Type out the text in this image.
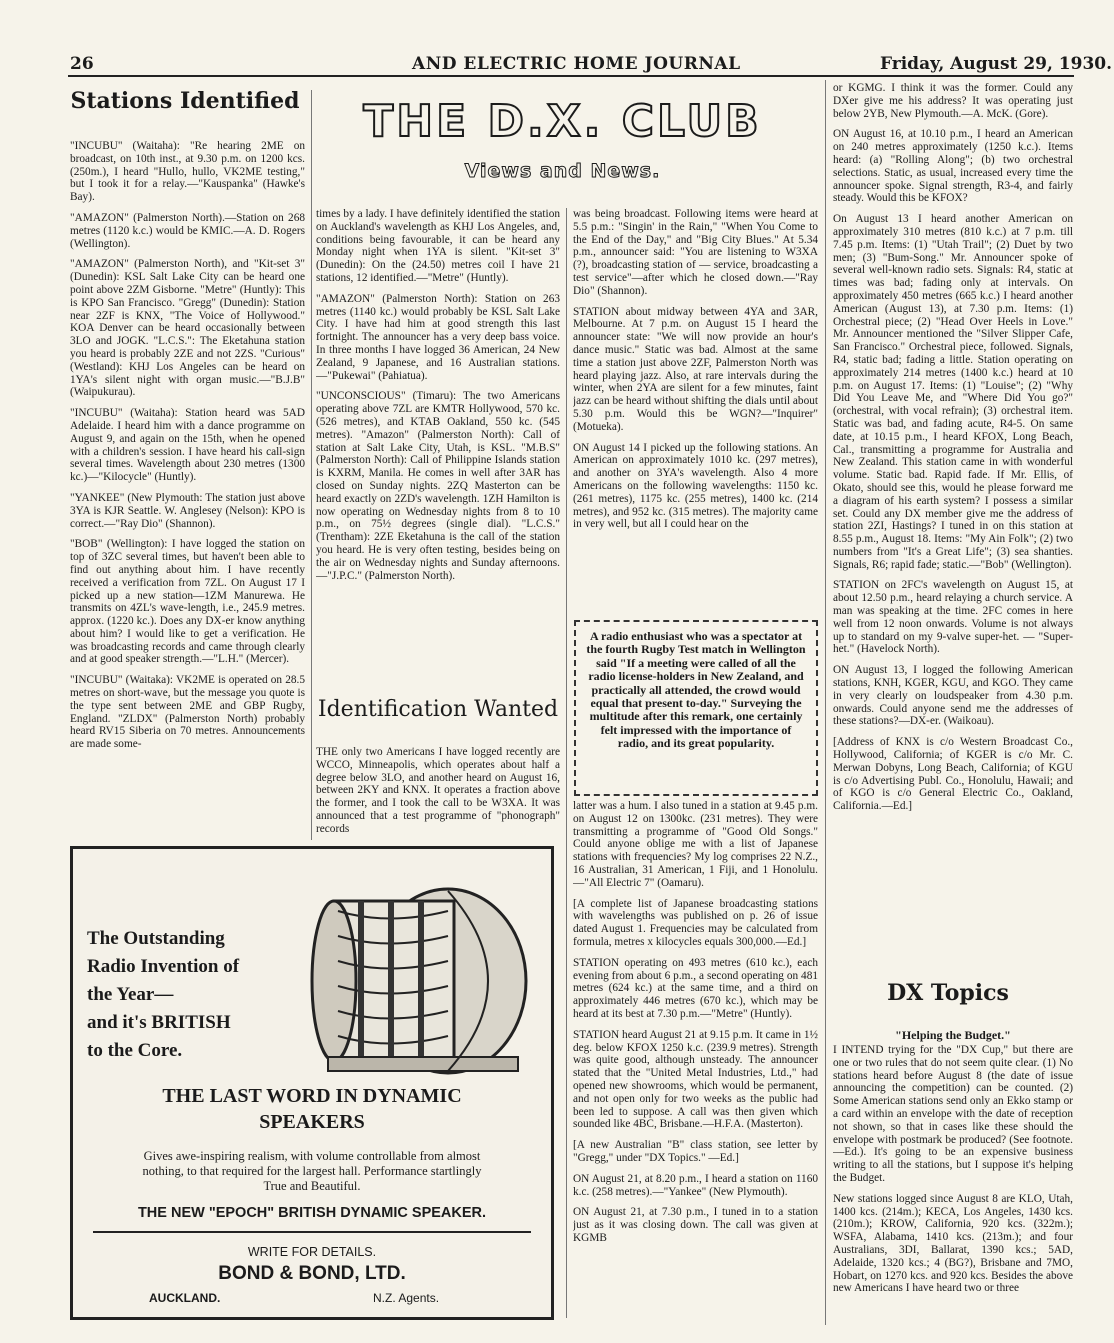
26	AND ELECTRIC HOME JOURNAL	Friday, August 29, 1930.
THE D.X. CLUB
Views and News.
Stations Identified

"INCUBU" (Waitaha): "Re hearing 2ME on broadcast, on 10th inst., at 9.30 p.m. on 1200 kcs. (250m.), I heard "Hullo, hullo, VK2ME testing," but I took it for a relay.—"Kauspanka" (Hawke's Bay).

"AMAZON" (Palmerston North).—Station on 268 metres (1120 k.c.) would be KMIC.—A. D. Rogers (Wellington).

"AMAZON" (Palmerston North), and "Kit-set 3" (Dunedin): KSL Salt Lake City can be heard one point above 2ZM Gisborne. "Metre" (Huntly): This is KPO San Francisco. "Gregg" (Dunedin): Station near 2ZF is KNX, "The Voice of Hollywood." KOA Denver can be heard occasionally between 3LO and JOGK. "L.C.S.": The Eketahuna station you heard is probably 2ZE and not 2ZS. "Curious" (Westland): KHJ Los Angeles can be heard on 1YA's silent night with organ music.—"B.J.B" (Waipukurau).

"INCUBU" (Waitaha): Station heard was 5AD Adelaide. I heard him with a dance programme on August 9, and again on the 15th, when he opened with a children's session. I have heard his call-sign several times. Wavelength about 230 metres (1300 kc.)—"Kilocycle" (Huntly).

"YANKEE" (New Plymouth: The station just above 3YA is KJR Seattle. W. Anglesey (Nelson): KPO is correct.—"Ray Dio" (Shannon).

"BOB" (Wellington): I have logged the station on top of 3ZC several times, but haven't been able to find out anything about him. I have recently received a verification from 7ZL. On August 17 I picked up a new station—1ZM Manurewa. He transmits on 4ZL's wave-length, i.e., 245.9 metres. approx. (1220 kc.). Does any DX-er know anything about him? I would like to get a verification. He was broadcasting records and came through clearly and at good speaker strength.—"L.H." (Mercer).

"INCUBU" (Waitaka): VK2ME is operated on 28.5 metres on short-wave, but the message you quote is the type sent between 2ME and GBP Rugby, England. "ZLDX" (Palmerston North) probably heard RV15 Siberia on 70 metres. Announcements are made some-

times by a lady. I have definitely identified the station on Auckland's wavelength as KHJ Los Angeles, and, conditions being favourable, it can be heard any Monday night when 1YA is silent. "Kit-set 3" (Dunedin): On the (24.50) metres coil I have 21 stations, 12 identified.—"Metre" (Huntly).

"AMAZON" (Palmerston North): Station on 263 metres (1140 kc.) would probably be KSL Salt Lake City. I have had him at good strength this last fortnight. The announcer has a very deep bass voice. In three months I have logged 36 American, 24 New Zealand, 9 Japanese, and 16 Australian stations.—"Pukewai" (Pahiatua).

"UNCONSCIOUS" (Timaru): The two Americans operating above 7ZL are KMTR Hollywood, 570 kc. (526 metres), and KTAB Oakland, 550 kc. (545 metres). "Amazon" (Palmerston North): Call of station at Salt Lake City, Utah, is KSL. "M.B.S" (Palmerston North): Call of Philippine Islands station is KXRM, Manila. He comes in well after 3AR has closed on Sunday nights. 2ZQ Masterton can be heard exactly on 2ZD's wavelength. 1ZH Hamilton is now operating on Wednesday nights from 8 to 10 p.m., on 75½ degrees (single dial). "L.C.S." (Trentham): 2ZE Eketahuna is the call of the station you heard. He is very often testing, besides being on the air on Wednesday nights and Sunday afternoons.—"J.P.C." (Palmerston North).

Identification Wanted

THE only two Americans I have logged recently are WCCO, Minneapolis, which operates about half a degree below 3LO, and another heard on August 16, between 2KY and KNX. It operates a fraction above the former, and I took the call to be W3XA. It was announced that a test programme of "phonograph" records

was being broadcast. Following items were heard at 5.5 p.m.: "Singin' in the Rain," "When You Come to the End of the Day," and "Big City Blues." At 5.34 p.m., announcer said: "You are listening to W3XA (?), broadcasting station of — service, broadcasting a test service"—after which he closed down.—"Ray Dio" (Shannon).

STATION about midway between 4YA and 3AR, Melbourne. At 7 p.m. on August 15 I heard the announcer state: "We will now provide an hour's dance music." Static was bad. Almost at the same time a station just above 2ZF, Palmerston North was heard playing jazz. Also, at rare intervals during the winter, when 2YA are silent for a few minutes, faint jazz can be heard without shifting the dials until about 5.30 p.m. Would this be WGN?—"Inquirer" (Motueka).

ON August 14 I picked up the following stations. An American on approximately 1010 kc. (297 metres), and another on 3YA's wavelength. Also 4 more Americans on the following wavelengths: 1150 kc. (261 metres), 1175 kc. (255 metres), 1400 kc. (214 metres), and 952 kc. (315 metres). The majority came in very well, but all I could hear on the

A radio enthusiast who was a spectator at the fourth Rugby Test match in Wellington said "If a meeting were called of all the radio license-holders in New Zealand, and practically all attended, the crowd would equal that present to-day." Surveying the multitude after this remark, one certainly felt impressed with the importance of radio, and its great popularity.

latter was a hum. I also tuned in a station at 9.45 p.m. on August 12 on 1300kc. (231 metres). They were transmitting a programme of "Good Old Songs." Could anyone oblige me with a list of Japanese stations with frequencies? My log comprises 22 N.Z., 16 Australian, 31 American, 1 Fiji, and 1 Honolulu.—"All Electric 7" (Oamaru).

[A complete list of Japanese broadcasting stations with wavelengths was published on p. 26 of issue dated August 1. Frequencies may be calculated from formula, metres x kilocycles equals 300,000.—Ed.]

STATION operating on 493 metres (610 kc.), each evening from about 6 p.m., a second operating on 481 metres (624 kc.) at the same time, and a third on approximately 446 metres (670 kc.), which may be heard at its best at 7.30 p.m.—"Metre" (Huntly).

STATION heard August 21 at 9.15 p.m. It came in 1½ deg. below KFOX 1250 k.c. (239.9 metres). Strength was quite good, although unsteady. The announcer stated that the "United Metal Industries, Ltd.," had opened new showrooms, which would be permanent, and not open only for two weeks as the public had been led to suppose. A call was then given which sounded like 4BC, Brisbane.—H.F.A. (Masterton).

[A new Australian "B" class station, see letter by "Gregg," under "DX Topics." —Ed.]

ON August 21, at 8.20 p.m., I heard a station on 1160 k.c. (258 metres).—"Yankee" (New Plymouth).

ON August 21, at 7.30 p.m., I tuned in to a station just as it was closing down. The call was given at KGMB

or KGMG. I think it was the former. Could any DXer give me his address? It was operating just below 2YB, New Plymouth.—A. McK. (Gore).

ON August 16, at 10.10 p.m., I heard an American on 240 metres approximately (1250 k.c.). Items heard: (a) "Rolling Along"; (b) two orchestral selections. Static, as usual, increased every time the announcer spoke. Signal strength, R3-4, and fairly steady. Would this be KFOX?

On August 13 I heard another American on approximately 310 metres (810 k.c.) at 7 p.m. till 7.45 p.m. Items: (1) "Utah Trail"; (2) Duet by two men; (3) "Bum-Song." Mr. Announcer spoke of several well-known radio sets. Signals: R4, static at times was bad; fading only at intervals. On approximately 450 metres (665 k.c.) I heard another American (August 13), at 7.30 p.m. Items: (1) Orchestral piece; (2) "Head Over Heels in Love." Mr. Announcer mentioned the "Silver Slipper Cafe, San Francisco." Orchestral piece, followed. Signals, R4, static bad; fading a little. Station operating on approximately 214 metres (1400 k.c.) heard at 10 p.m. on August 17. Items: (1) "Louise"; (2) "Why Did You Leave Me, and "Where Did You go?" (orchestral, with vocal refrain); (3) orchestral item. Static was bad, and fading acute, R4-5. On same date, at 10.15 p.m., I heard KFOX, Long Beach, Cal., transmitting a programme for Australia and New Zealand. This station came in with wonderful volume. Static bad. Rapid fade. If Mr. Ellis, of Okato, should see this, would he please forward me a diagram of his earth system? I possess a similar set. Could any DX member give me the address of station 2ZI, Hastings? I tuned in on this station at 8.55 p.m., August 18. Items: "My Ain Folk"; (2) two numbers from "It's a Great Life"; (3) sea shanties. Signals, R6; rapid fade; static.—"Bob" (Wellington).

STATION on 2FC's wavelength on August 15, at about 12.50 p.m., heard relaying a church service. A man was speaking at the time. 2FC comes in here well from 12 noon onwards. Volume is not always up to standard on my 9-valve super-het. — "Super-het." (Havelock North).

ON August 13, I logged the following American stations, KNH, KGER, KGU, and KGO. They came in very clearly on loudspeaker from 4.30 p.m. onwards. Could anyone send me the addresses of these stations?—DX-er. (Waikoau).

[Address of KNX is c/o Western Broadcast Co., Hollywood, California; of KGER is c/o Mr. C. Merwan Dobyns, Long Beach, California; of KGU is c/o Advertising Publ. Co., Honolulu, Hawaii; and of KGO is c/o General Electric Co., Oakland, California.—Ed.]

DX Topics
"Helping the Budget."

I INTEND trying for the "DX Cup," but there are one or two rules that do not seem quite clear. (1) No stations heard before August 8 (the date of issue announcing the competition) can be counted. (2) Some American stations send only an Ekko stamp or a card within an envelope with the date of reception not shown, so that in cases like these should the envelope with postmark be produced? (See footnote.—Ed.). It's going to be an expensive business writing to all the stations, but I suppose it's helping the Budget.

New stations logged since August 8 are KLO, Utah, 1400 kcs. (214m.); KECA, Los Angeles, 1430 kcs. (210m.); KROW, California, 920 kcs. (322m.); WSFA, Alabama, 1410 kcs. (213m.); and four Australians, 3DI, Ballarat, 1390 kcs.; 5AD, Adelaide, 1320 kcs.; 4 (BG?), Brisbane and 7MO, Hobart, on 1270 kcs. and 920 kcs. Besides the above new Americans I have heard two or three

The Outstanding
Radio Invention of
the Year—
and it's BRITISH
to the Core.
THE LAST WORD IN DYNAMIC
SPEAKERS
Gives awe-inspiring realism, with volume controllable from almost
nothing, to that required for the largest hall. Performance startlingly
True and Beautiful.
THE NEW "EPOCH" BRITISH DYNAMIC SPEAKER.
WRITE FOR DETAILS.
BOND & BOND, LTD.
AUCKLAND.	N.Z. Agents.
